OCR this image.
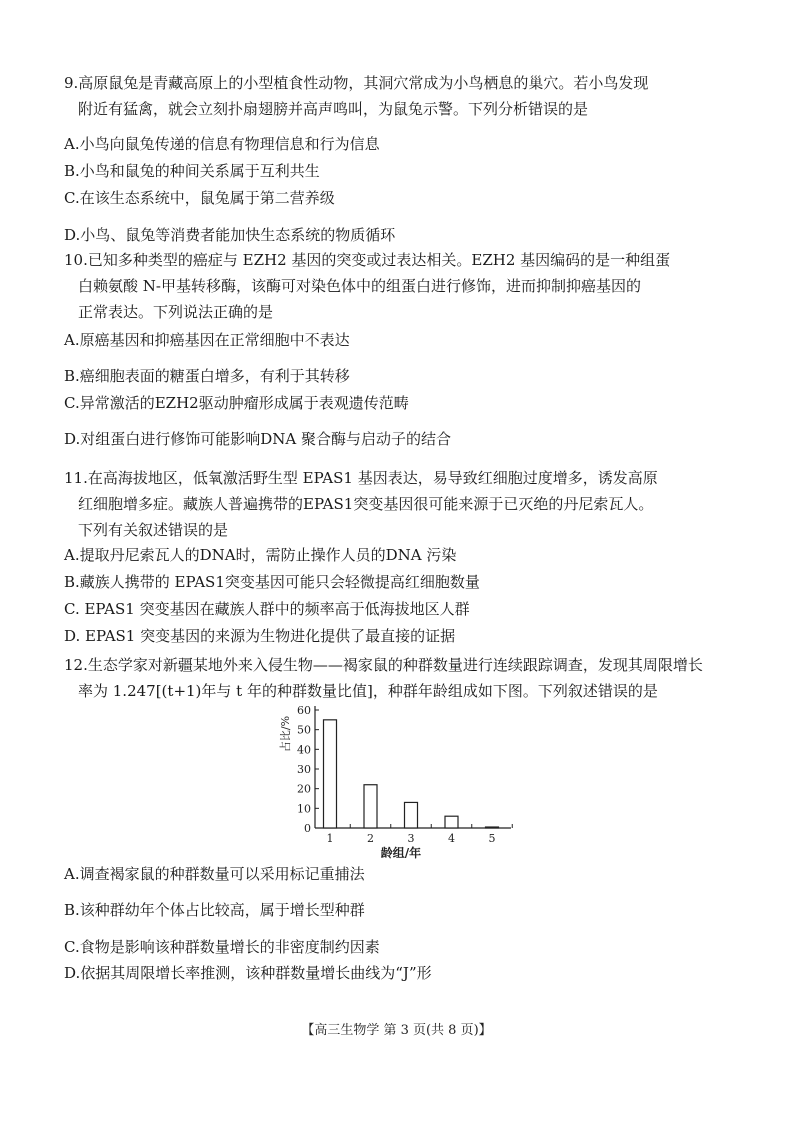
9.高原鼠兔是青藏高原上的小型植食性动物，其洞穴常成为小鸟栖息的巢穴。若小鸟发现
附近有猛禽，就会立刻扑扇翅膀并高声鸣叫，为鼠兔示警。下列分析错误的是
A.小鸟向鼠兔传递的信息有物理信息和行为信息
B.小鸟和鼠兔的种间关系属于互利共生
C.在该生态系统中，鼠兔属于第二营养级
D.小鸟、鼠兔等消费者能加快生态系统的物质循环
10.已知多种类型的癌症与 EZH2 基因的突变或过表达相关。EZH2 基因编码的是一种组蛋
白赖氨酸 N-甲基转移酶，该酶可对染色体中的组蛋白进行修饰，进而抑制抑癌基因的
正常表达。下列说法正确的是
A.原癌基因和抑癌基因在正常细胞中不表达
B.癌细胞表面的糖蛋白增多，有利于其转移
C.异常激活的EZH2驱动肿瘤形成属于表观遗传范畴
D.对组蛋白进行修饰可能影响DNA 聚合酶与启动子的结合
11.在高海拔地区，低氧激活野生型 EPAS1 基因表达，易导致红细胞过度增多，诱发高原
红细胞增多症。藏族人普遍携带的EPAS1突变基因很可能来源于已灭绝的丹尼索瓦人。
下列有关叙述错误的是
A.提取丹尼索瓦人的DNA时，需防止操作人员的DNA 污染
B.藏族人携带的 EPAS1突变基因可能只会轻微提高红细胞数量
C. EPAS1 突变基因在藏族人群中的频率高于低海拔地区人群
D. EPAS1 突变基因的来源为生物进化提供了最直接的证据
12.生态学家对新疆某地外来入侵生物——褐家鼠的种群数量进行连续跟踪调查，发现其周限增长
率为 1.247[(t+1)年与 t 年的种群数量比值]，种群年龄组成如下图。下列叙述错误的是
0
10
20
30
40
50
60
占比/%
1	2	3	4	5
龄组/年
A.调查褐家鼠的种群数量可以采用标记重捕法
B.该种群幼年个体占比较高，属于增长型种群
C.食物是影响该种群数量增长的非密度制约因素
D.依据其周限增长率推测，该种群数量增长曲线为“J”形
【高三生物学 第 3 页(共 8 页)】
